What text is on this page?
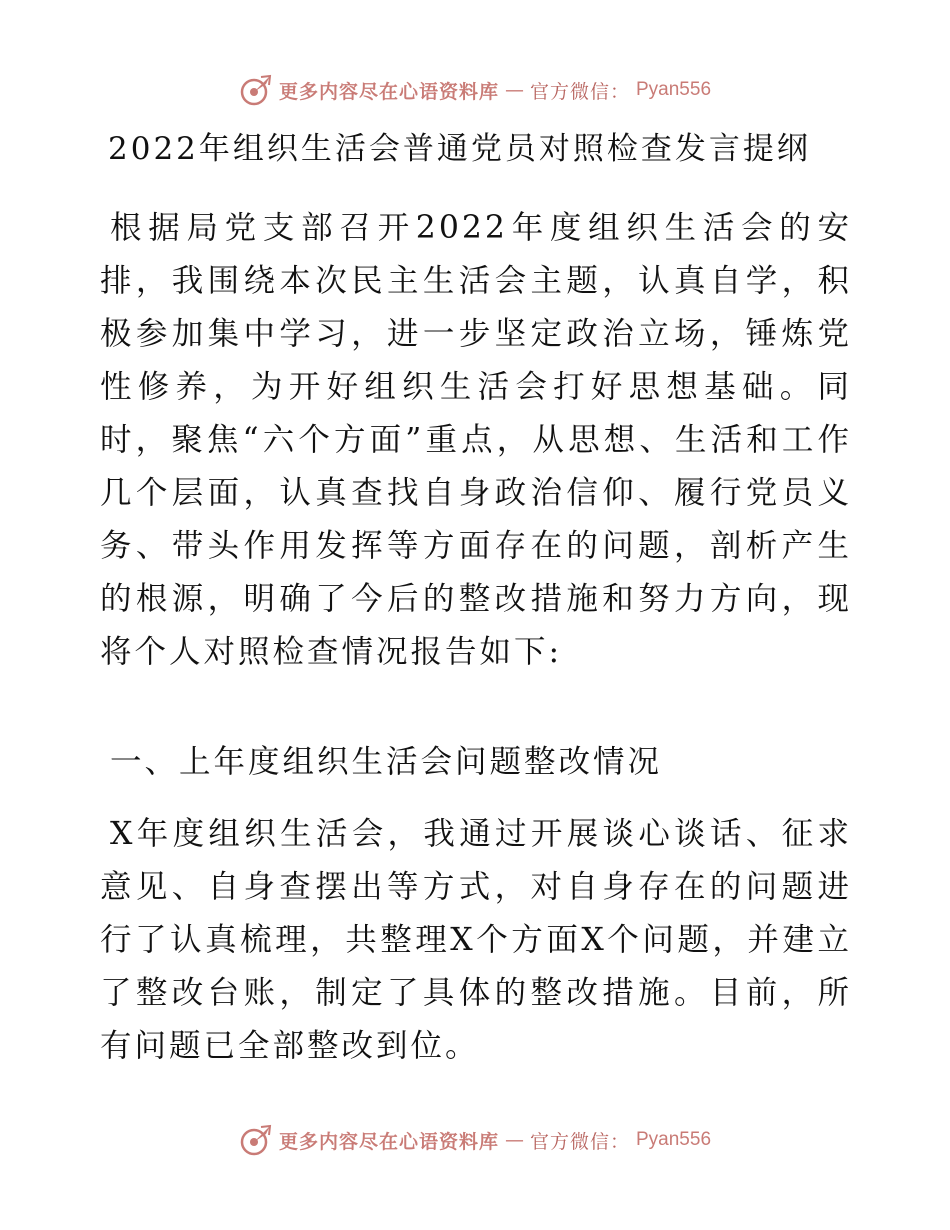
更多内容尽在心语资料库 — 官方微信： Pyan556
2022年组织生活会普通党员对照检查发言提纲

根据局党支部召开2022年度组织生活会的安排，我围绕本次民主生活会主题，认真自学，积极参加集中学习，进一步坚定政治立场，锤炼党性修养，为开好组织生活会打好思想基础。同时，聚焦“六个方面”重点，从思想、生活和工作几个层面，认真查找自身政治信仰、履行党员义务、带头作用发挥等方面存在的问题，剖析产生的根源，明确了今后的整改措施和努力方向，现将个人对照检查情况报告如下:

一、上年度组织生活会问题整改情况

X年度组织生活会，我通过开展谈心谈话、征求意见、自身查摆出等方式，对自身存在的问题进行了认真梳理，共整理X个方面X个问题，并建立了整改台账，制定了具体的整改措施。目前，所有问题已全部整改到位。

更多内容尽在心语资料库 — 官方微信： Pyan556
